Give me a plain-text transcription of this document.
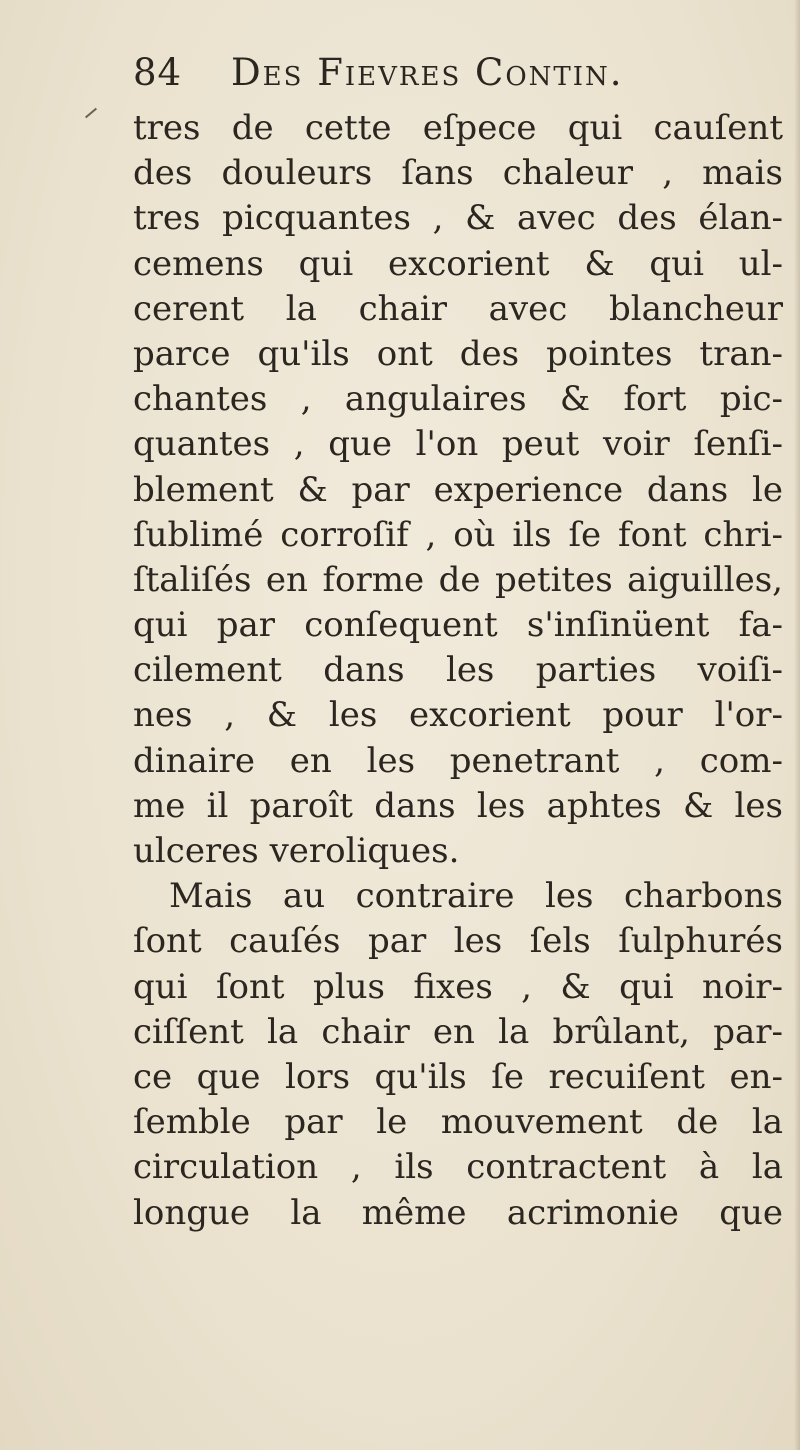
84 Des Fievres Contin.
tres de cette eſpece qui cauſent
des douleurs ſans chaleur , mais
tres picquantes , & avec des élan-
cemens qui excorient & qui ul-
cerent la chair avec blancheur
parce qu'ils ont des pointes tran-
chantes , angulaires & fort pic-
quantes , que l'on peut voir ſenſi-
blement & par experience dans le
ſublimé corroſif , où ils ſe font chri-
ſtaliſés en forme de petites aiguilles,
qui par conſequent s'inſinüent fa-
cilement dans les parties voiſi-
nes , & les excorient pour l'or-
dinaire en les penetrant , com-
me il paroît dans les aphtes & les
ulceres veroliques.
Mais au contraire les charbons
ſont cauſés par les ſels ſulphurés
qui ſont plus fixes , & qui noir-
ciſſent la chair en la brûlant, par-
ce que lors qu'ils ſe recuiſent en-
ſemble par le mouvement de la
circulation , ils contractent à la
longue la même acrimonie que
